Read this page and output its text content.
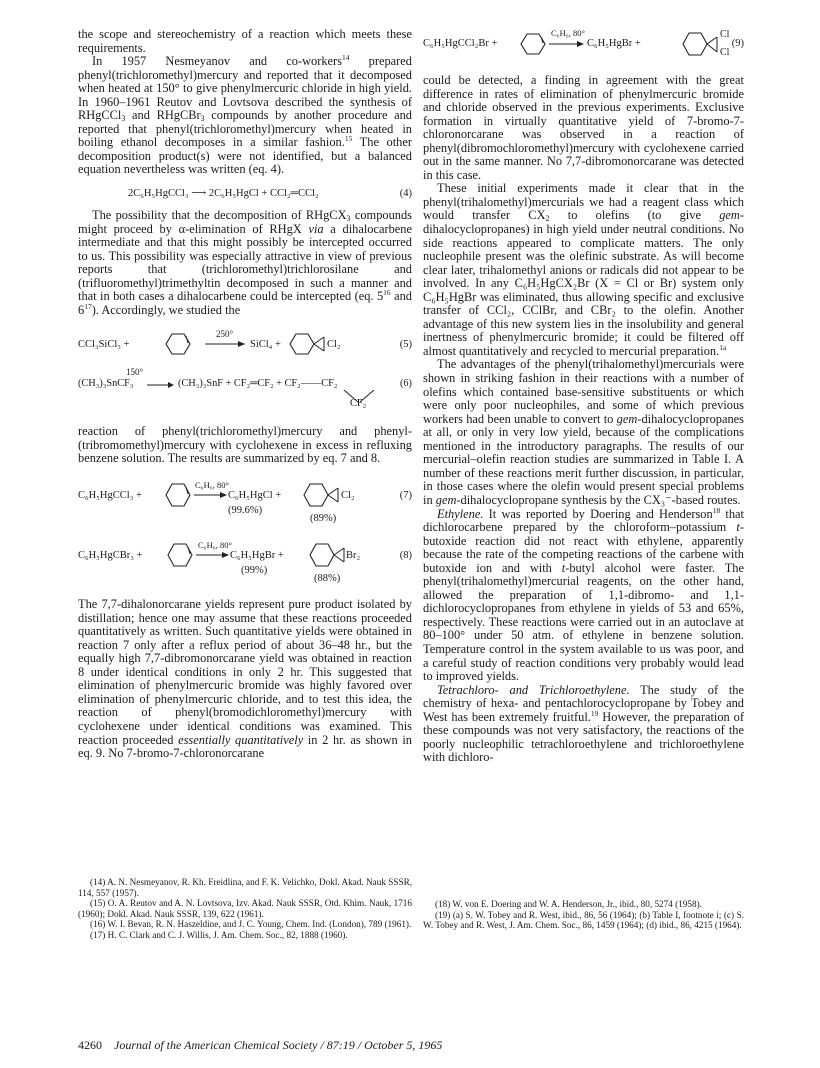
the scope and stereochemistry of a reaction which meets these requirements.

In 1957 Nesmeyanov and co-workers$^{14}$ prepared phenyl(trichloromethyl)mercury and reported that it decomposed when heated at 150° to give phenylmercuric chloride in high yield. In 1960–1961 Reutov and Lovtsova described the synthesis of RHgCCl$_3$ and RHgCBr$_3$ compounds by another procedure and reported that phenyl(trichloromethyl)mercury when heated in boiling ethanol decomposes in a similar fashion.$^{15}$ The other decomposition product(s) were not identified, but a balanced equation nevertheless was written (eq. 4).

2C₆H₅HgCCl₃ ⟶ 2C₆H₅HgCl + CCl₂═CCl₂	(4)

The possibility that the decomposition of RHgCX$_3$ compounds might proceed by α-elimination of RHgX via a dihalocarbene intermediate and that this might possibly be intercepted occurred to us. This possibility was especially attractive in view of previous reports that (trichloromethyl)trichlorosilane and (trifluoromethyl)trimethyltin decomposed in such a manner and that in both cases a dihalocarbene could be intercepted (eq. $5^{16}$ and $6^{17}$). Accordingly, we studied the

CCl₃SiCl₃ +
250°
SiCl₄ +	Cl₂	(5)
150°
(CH₃)₃SnCF₃	(CH₃)₃SnF + CF₂═CF₂ + CF₂——CF₂
CF₂
(6)

reaction of phenyl(trichloromethyl)mercury and phenyl-(tribromomethyl)mercury with cyclohexene in excess in refluxing benzene solution. The results are summarized by eq. 7 and 8.

C₆H₅HgCCl₃ +
C₆H₆, 80°
C₆H₅HgCl +
(99.6%)
Cl₂
(89%)
(7)
C₆H₅HgCBr₃ +
C₆H₆, 80°
C₆H₅HgBr +
(99%)
Br₂
(88%)
(8)

The 7,7-dihalonorcarane yields represent pure product isolated by distillation; hence one may assume that these reactions proceeded quantitatively as written. Such quantitative yields were obtained in reaction 7 only after a reflux period of about 36–48 hr., but the equally high 7,7-dibromonorcarane yield was obtained in reaction 8 under identical conditions in only 2 hr. This suggested that elimination of phenylmercuric bromide was highly favored over elimination of phenylmercuric chloride, and to test this idea, the reaction of phenyl(bromodichloromethyl)mercury with cyclohexene under identical conditions was examined. This reaction proceeded essentially quantitatively in 2 hr. as shown in eq. 9. No 7-bromo-7-chloronorcarane

C₆H₅HgCCl₂Br +
C₆H₆, 80°
C₆H₅HgBr +
Cl
Cl
(9)

could be detected, a finding in agreement with the great difference in rates of elimination of phenylmercuric bromide and chloride observed in the previous experiments. Exclusive formation in virtually quantitative yield of 7-bromo-7-chloronorcarane was observed in a reaction of phenyl(dibromochloromethyl)mercury with cyclohexene carried out in the same manner. No 7,7-dibromonorcarane was detected in this case.

These initial experiments made it clear that in the phenyl(trihalomethyl)mercurials we had a reagent class which would transfer $CX_2$ to olefins (to give gem-dihalocyclopropanes) in high yield under neutral conditions. No side reactions appeared to complicate matters. The only nucleophile present was the olefinic substrate. As will become clear later, trihalomethyl anions or radicals did not appear to be involved. In any C₆H₅HgCX₂Br (X = Cl or Br) system only C₆H₅HgBr was eliminated, thus allowing specific and exclusive transfer of CCl₂, CClBr, and CBr₂ to the olefin. Another advantage of this new system lies in the insolubility and general inertness of phenylmercuric bromide; it could be filtered off almost quantitatively and recycled to mercurial preparation.$^{1a}$

The advantages of the phenyl(trihalomethyl)mercurials were shown in striking fashion in their reactions with a number of olefins which contained base-sensitive substituents or which were only poor nucleophiles, and some of which previous workers had been unable to convert to gem-dihalocyclopropanes at all, or only in very low yield, because of the complications mentioned in the introductory paragraphs. The results of our mercurial–olefin reaction studies are summarized in Table I. A number of these reactions merit further discussion, in particular, in those cases where the olefin would present special problems in gem-dihalocyclopropane synthesis by the CX₃⁻-based routes.

Ethylene. It was reported by Doering and Henderson$^{18}$ that dichlorocarbene prepared by the chloroform–potassium t-butoxide reaction did not react with ethylene, apparently because the rate of the competing reactions of the carbene with butoxide ion and with t-butyl alcohol were faster. The phenyl(trihalomethyl)mercurial reagents, on the other hand, allowed the preparation of 1,1-dibromo- and 1,1-dichlorocyclopropanes from ethylene in yields of 53 and 65%, respectively. These reactions were carried out in an autoclave at 80–100° under 50 atm. of ethylene in benzene solution. Temperature control in the system available to us was poor, and a careful study of reaction conditions very probably would lead to improved yields.

Tetrachloro- and Trichloroethylene. The study of the chemistry of hexa- and pentachlorocyclopropane by Tobey and West has been extremely fruitful.$^{19}$ However, the preparation of these compounds was not very satisfactory, the reactions of the poorly nucleophilic tetrachloroethylene and trichloroethylene with dichloro-

(14) A. N. Nesmeyanov, R. Kh. Freidlina, and F. K. Velichko, Dokl. Akad. Nauk SSSR, 114, 557 (1957).

(15) O. A. Reutov and A. N. Lovtsova, Izv. Akad. Nauk SSSR, Otd. Khim. Nauk, 1716 (1960); Dokl. Akad. Nauk SSSR, 139, 622 (1961).

(16) W. I. Bevan, R. N. Haszeldine, and J. C. Young, Chem. Ind. (London), 789 (1961).

(17) H. C. Clark and C. J. Willis, J. Am. Chem. Soc., 82, 1888 (1960).

(18) W. von E. Doering and W. A. Henderson, Jr., ibid., 80, 5274 (1958).

(19) (a) S. W. Tobey and R. West, ibid., 86, 56 (1964); (b) Table I, footnote i; (c) S. W. Tobey and R. West, J. Am. Chem. Soc., 86, 1459 (1964); (d) ibid., 86, 4215 (1964).

4260 Journal of the American Chemical Society / 87:19 / October 5, 1965
